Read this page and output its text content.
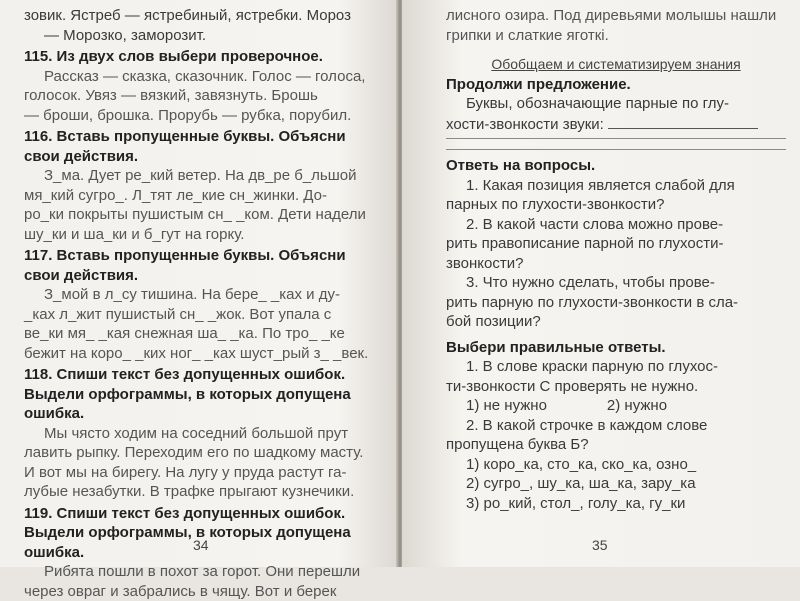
зовик. Ястреб — ястребиный, ястребки. Мороз

— Морозко, заморозит.

115. Из двух слов выбери проверочное.

Рассказ — сказка, сказочник. Голос — голоса,

голосок. Увяз — вязкий, завязнуть. Брошь

— броши, брошка. Прорубь — рубка, порубил.

116. Вставь пропущенные буквы. Объясни
свои действия.

З_ма. Дует ре_кий ветер. На дв_ре б_льшой

мя_кий сугро_. Л_тят ле_кие сн_жинки. До-

ро_ки покрыты пушистым сн_ _ком. Дети надели

шу_ки и ша_ки и б_гут на горку.

117. Вставь пропущенные буквы. Объясни
свои действия.

З_мой в л_су тишина. На бере_ _ках и ду-

_ках л_жит пушистый сн_ _жок. Вот упала с

ве_ки мя_ _кая снежная ша_ _ка. По тро_ _ке

бежит на коро_ _ких ног_ _ках шуст_рый з_ _век.

118. Спиши текст без допущенных ошибок.
Выдели орфограммы, в которых допущена
ошибка.

Мы чясто ходим на соседний большой прут

лавить рыпку. Переходим его по шадкому масту.

И вот мы на бирегу. На лугу у пруда растут га-

лубые незабутки. В трафке прыгают кузнечики.

119. Спиши текст без допущенных ошибок.
Выдели орфограммы, в которых допущена
ошибка.

Рибята пошли в похот за горот. Они перешли

через овраг и забрались в чящу. Вот и берек

34

лисного озира. Под диревьями молышы нашли

грипки и слаткие яготкі.

Обобщаем и систематизируем знания

Продолжи предложение.

Буквы, обозначающие парные по глу-

хости-звонкости звуки:

Ответь на вопросы.

1. Какая позиция является слабой для

парных по глухости-звонкости?

2. В какой части слова можно прове-

рить правописание парной по глухости-

звонкости?

3. Что нужно сделать, чтобы прове-

рить парную по глухости-звонкости в сла-

бой позиции?

Выбери правильные ответы.

1. В слове краски парную по глухос-

ти-звонкости С проверять не нужно.

1) не нужно	2) нужно

2. В какой строчке в каждом слове

пропущена буква Б?

1) коро_ка, сто_ка, ско_ка, озно_

2) сугро_, шу_ка, ша_ка, зару_ка

3) ро_кий, стол_, голу_ка, гу_ки

35
